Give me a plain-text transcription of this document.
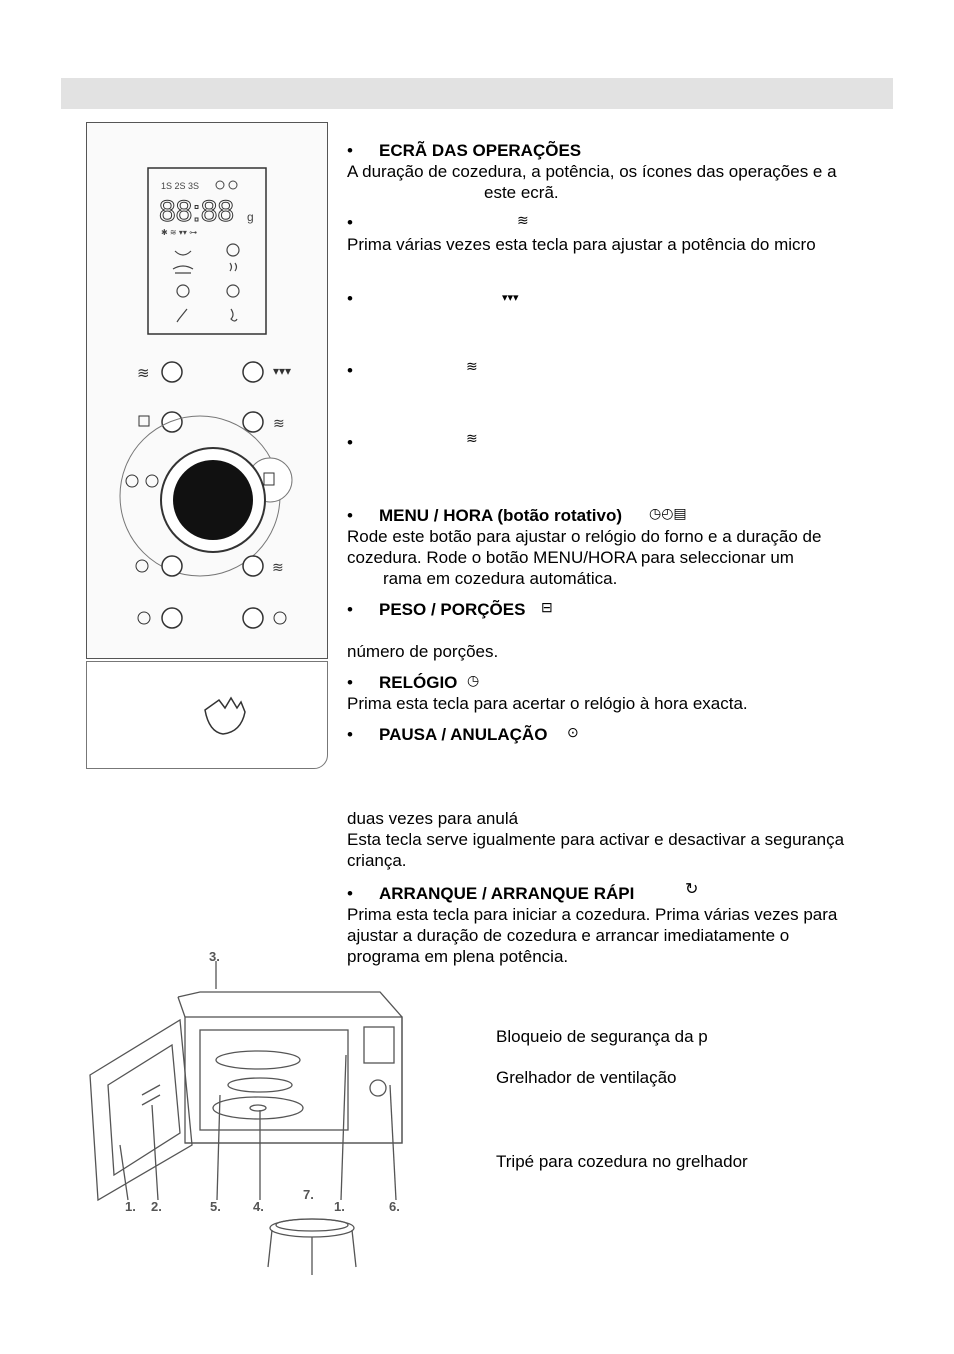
1S 2S 3S
88:88 g
✱ ≋ ▾▾ ⊶
≋	▾▾▾
≋
≋
• ECRÃ DAS OPERAÇÕES
A duração de cozedura, a potência, os ícones das operações e a
este ecrã.
•	≋
Prima várias vezes esta tecla para ajustar a potência do micro
•	▾▾▾
•	≋
•	≋
• MENU / HORA (botão rotativo) ◷◴▤
Rode este botão para ajustar o relógio do forno e a duração de
cozedura. Rode o botão MENU/HORA para seleccionar um
rama em cozedura automática.
• PESO / PORÇÕES ⊟
número de porções.
• RELÓGIO ◷
Prima esta tecla para acertar o relógio à hora exacta.
• PAUSA / ANULAÇÃO ⊙
duas vezes para anulá
Esta tecla serve igualmente para activar e desactivar a segurança
criança.
• ARRANQUE / ARRANQUE RÁPI	↻
Prima esta tecla para iniciar a cozedura. Prima várias vezes para
ajustar a duração de cozedura e arrancar imediatamente o
programa em plena potência.
3.
1. 2.	5. 4.
7.
1.	6.
Bloqueio de segurança da p
Grelhador de ventilação
Tripé para cozedura no grelhador
